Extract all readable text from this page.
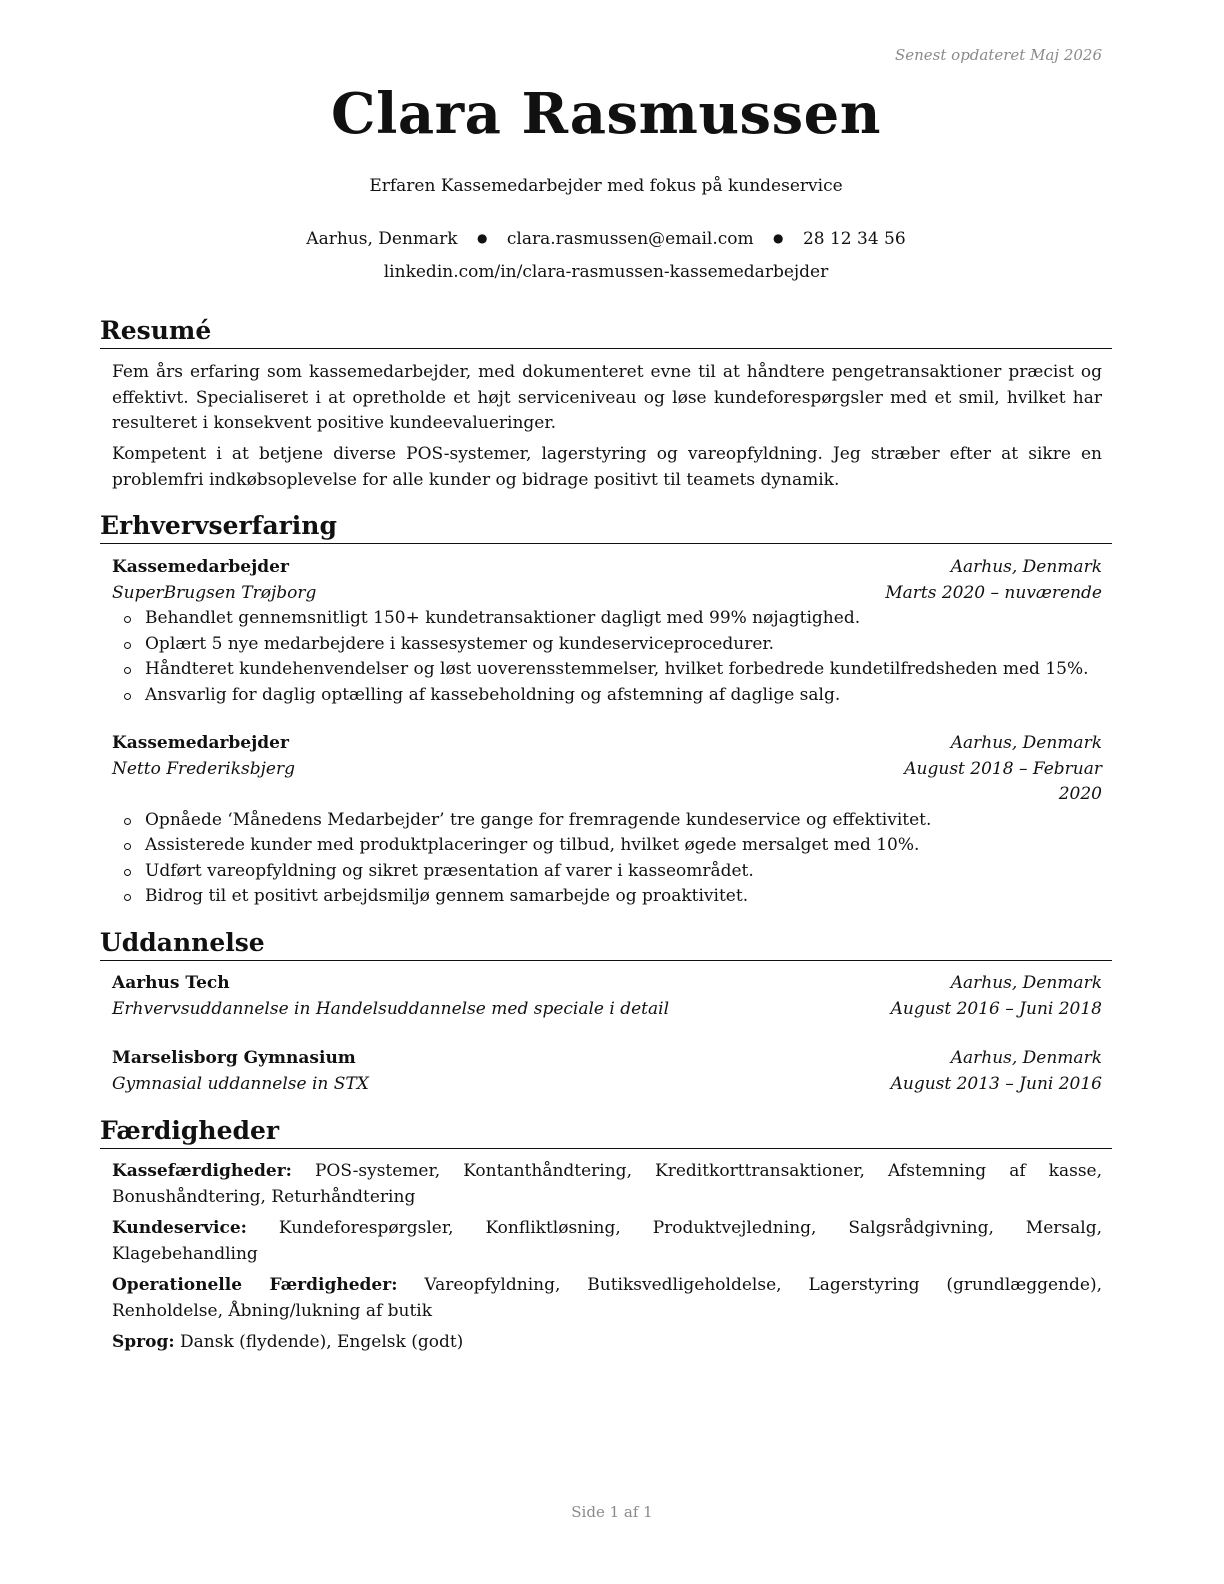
Senest opdateret Maj 2026
Clara Rasmussen
Erfaren Kassemedarbejder med fokus på kundeservice
Aarhus, Denmark ● clara.rasmussen@email.com ● 28 12 34 56
linkedin.com/in/clara-rasmussen-kassemedarbejder
Resumé

Fem års erfaring som kassemedarbejder, med dokumenteret evne til at håndtere pengetransaktioner præcist og effektivt. Specialiseret i at opretholde et højt serviceniveau og løse kundeforespørgsler med et smil, hvilket har resulteret i konsekvent positive kundeevalueringer.

Kompetent i at betjene diverse POS-systemer, lagerstyring og vareopfyldning. Jeg stræber efter at sikre en problemfri indkøbsoplevelse for alle kunder og bidrage positivt til teamets dynamik.

Erhvervserfaring
Kassemedarbejder	Aarhus, Denmark
SuperBrugsen Trøjborg	Marts 2020 – nuværende
Behandlet gennemsnitligt 150+ kundetransaktioner dagligt med 99% nøjagtighed.
Oplært 5 nye medarbejdere i kassesystemer og kundeserviceprocedurer.
Håndteret kundehenvendelser og løst uoverensstemmelser, hvilket forbedrede kundetilfredsheden med 15%.
Ansvarlig for daglig optælling af kassebeholdning og afstemning af daglige salg.
Kassemedarbejder	Aarhus, Denmark
Netto Frederiksbjerg	August 2018 – Februar 2020
Opnåede ‘Månedens Medarbejder’ tre gange for fremragende kundeservice og effektivitet.
Assisterede kunder med produktplaceringer og tilbud, hvilket øgede mersalget med 10%.
Udført vareopfyldning og sikret præsentation af varer i kasseområdet.
Bidrog til et positivt arbejdsmiljø gennem samarbejde og proaktivitet.
Uddannelse
Aarhus Tech	Aarhus, Denmark
Erhvervsuddannelse in Handelsuddannelse med speciale i detail	August 2016 – Juni 2018
Marselisborg Gymnasium	Aarhus, Denmark
Gymnasial uddannelse in STX	August 2013 – Juni 2016
Færdigheder
Kassefærdigheder: POS-systemer, Kontanthåndtering, Kreditkorttransaktioner, Afstemning af kasse, Bonushåndtering, Returhåndtering
Kundeservice: Kundeforespørgsler, Konfliktløsning, Produktvejledning, Salgsrådgivning, Mersalg, Klagebehandling
Operationelle Færdigheder: Vareopfyldning, Butiksvedligeholdelse, Lagerstyring (grundlæggende), Renholdelse, Åbning/lukning af butik
Sprog: Dansk (flydende), Engelsk (godt)
Side 1 af 1
